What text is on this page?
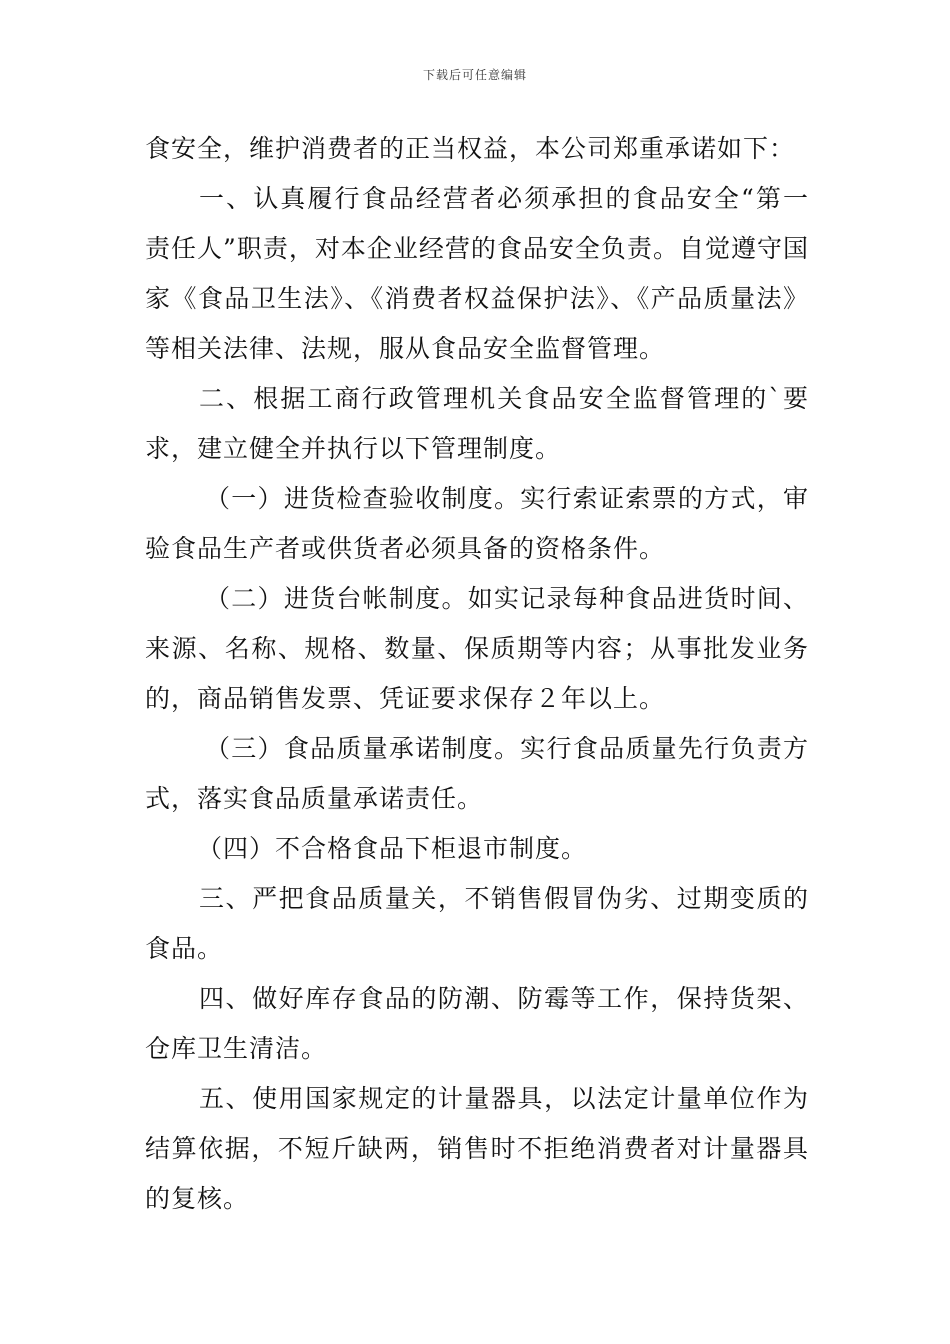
下载后可任意编辑

食安全，维护消费者的正当权益，本公司郑重承诺如下：

一、认真履行食品经营者必须承担的食品安全“第一责任人”职责，对本企业经营的食品安全负责。自觉遵守国家《食品卫生法》、《消费者权益保护法》、《产品质量法》等相关法律、法规，服从食品安全监督管理。

二、根据工商行政管理机关食品安全监督管理的`要求，建立健全并执行以下管理制度。

（一）进货检查验收制度。实行索证索票的方式，审验食品生产者或供货者必须具备的资格条件。

（二）进货台帐制度。如实记录每种食品进货时间、来源、名称、规格、数量、保质期等内容；从事批发业务的，商品销售发票、凭证要求保存２年以上。

（三）食品质量承诺制度。实行食品质量先行负责方式，落实食品质量承诺责任。

（四）不合格食品下柜退市制度。

三、严把食品质量关，不销售假冒伪劣、过期变质的食品。

四、做好库存食品的防潮、防霉等工作，保持货架、仓库卫生清洁。

五、使用国家规定的计量器具，以法定计量单位作为结算依据，不短斤缺两，销售时不拒绝消费者对计量器具的复核。
